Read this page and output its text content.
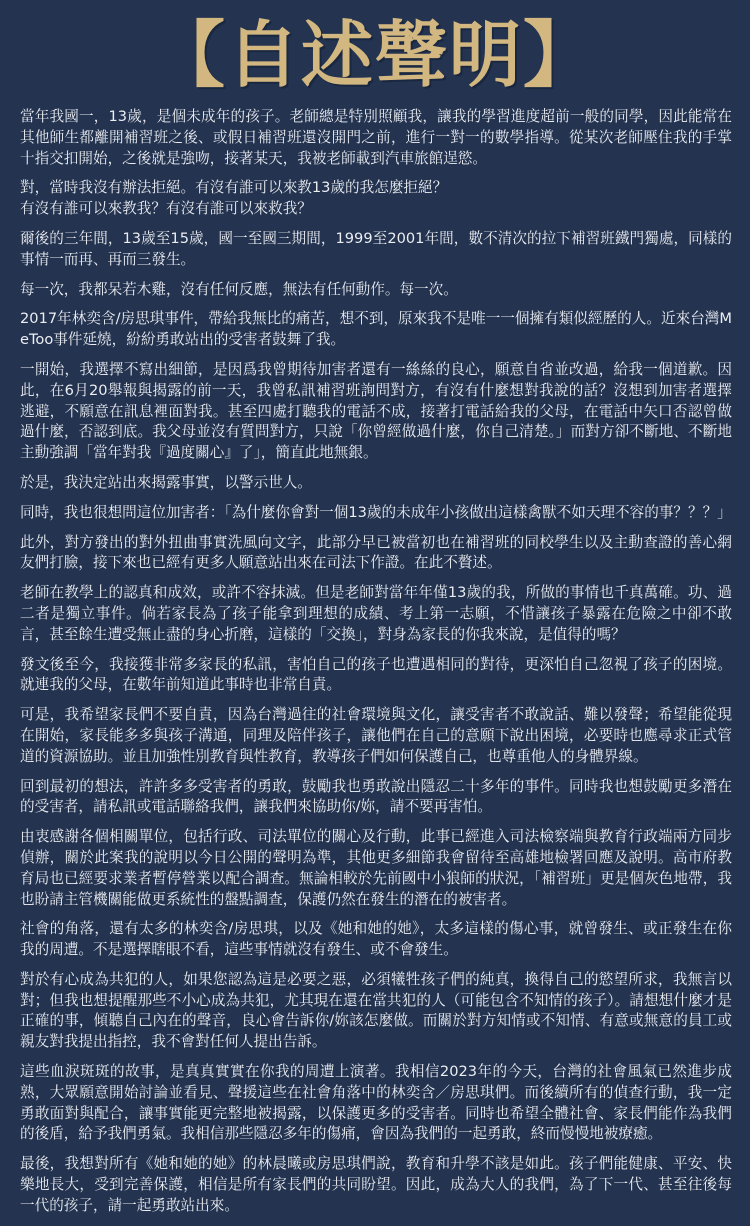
【自述聲明】

當年我國一，13歲，是個未成年的孩子。老師總是特別照顧我，讓我的學習進度超前一般的同學，因此能常在其他師生都離開補習班之後、或假日補習班還沒開門之前，進行一對一的數學指導。從某次老師壓住我的手掌十指交扣開始，之後就是強吻，接著某天，我被老師載到汽車旅館逞慾。

對，當時我沒有辦法拒絕。有沒有誰可以來教13歲的我怎麼拒絕？
有沒有誰可以來教我？有沒有誰可以來救我？

爾後的三年間，13歲至15歲，國一至國三期間，1999至2001年間，數不清次的拉下補習班鐵門獨處，同樣的事情一而再、再而三發生。

每一次，我都呆若木雞，沒有任何反應，無法有任何動作。每一次。

2017年林奕含/房思琪事件，帶給我無比的痛苦，想不到，原來我不是唯一一個擁有類似經歷的人。近來台灣MeToo事件延燒，紛紛勇敢站出的受害者鼓舞了我。

一開始，我選擇不寫出細節，是因爲我曾期待加害者還有一絲絲的良心，願意自省並改過，給我一個道歉。因此，在6月20舉報與揭露的前一天，我曾私訊補習班詢問對方，有沒有什麼想對我說的話？沒想到加害者選擇逃避，不願意在訊息裡面對我。甚至四處打聽我的電話不成，接著打電話給我的父母，在電話中矢口否認曾做過什麼，否認到底。我父母並沒有質問對方，只說「你曾經做過什麼，你自己清楚。」而對方卻不斷地、不斷地主動強調「當年對我『過度關心』了」，簡直此地無銀。

於是，我決定站出來揭露事實，以警示世人。

同時，我也很想問這位加害者：「為什麼你會對一個13歲的未成年小孩做出這樣禽獸不如天理不容的事？？？」

此外，對方發出的對外扭曲事實洗風向文字，此部分早已被當初也在補習班的同校學生以及主動查證的善心網友們打臉，接下來也已經有更多人願意站出來在司法下作證。在此不贅述。

老師在教學上的認真和成效，或許不容抹滅。但是老師對當年年僅13歲的我，所做的事情也千真萬確。功、過二者是獨立事件。倘若家長為了孩子能拿到理想的成績、考上第一志願，不惜讓孩子暴露在危險之中卻不敢言，甚至餘生遭受無止盡的身心折磨，這樣的「交換」，對身為家長的你我來說，是值得的嗎？

發文後至今，我接獲非常多家長的私訊，害怕自己的孩子也遭遇相同的對待，更深怕自己忽視了孩子的困境。就連我的父母，在數年前知道此事時也非常自責。

可是，我希望家長們不要自責，因為台灣過往的社會環境與文化，讓受害者不敢說話、難以發聲；希望能從現在開始，家長能多多與孩子溝通，同理及陪伴孩子，讓他們在自己的意願下說出困境，必要時也應尋求正式管道的資源協助。並且加強性別教育與性教育，教導孩子們如何保護自己，也尊重他人的身體界線。

回到最初的想法，許許多多受害者的勇敢，鼓勵我也勇敢說出隱忍二十多年的事件。同時我也想鼓勵更多潛在的受害者，請私訊或電話聯絡我們，讓我們來協助你/妳，請不要再害怕。

由衷感謝各個相關單位，包括行政、司法單位的關心及行動，此事已經進入司法檢察端與教育行政端兩方同步偵辦，關於此案我的說明以今日公開的聲明為準，其他更多細節我會留待至高雄地檢署回應及說明。高市府教育局也已經要求業者暫停營業以配合調查。無論相較於先前國中小狼師的狀況，「補習班」更是個灰色地帶，我也盼請主管機關能做更系統性的盤點調查，保護仍然在發生的潛在的被害者。

社會的角落，還有太多的林奕含/房思琪，以及《她和她的她》，太多這樣的傷心事，就曾發生、或正發生在你我的周遭。不是選擇瞎眼不看，這些事情就沒有發生、或不會發生。

對於有心成為共犯的人，如果您認為這是必要之惡，必須犧牲孩子們的純真，換得自己的慾望所求，我無言以對；但我也想提醒那些不小心成為共犯，尤其現在還在當共犯的人（可能包含不知情的孩子）。請想想什麼才是正確的事，傾聽自己內在的聲音，良心會告訴你/妳該怎麼做。而關於對方知情或不知情、有意或無意的員工或親友對我提出指控，我不會對任何人提出告訴。

這些血淚斑斑的故事，是真真實實在你我的周遭上演著。我相信2023年的今天，台灣的社會風氣已然進步成熟，大眾願意開始討論並看見、聲援這些在社會角落中的林奕含／房思琪們。而後續所有的偵查行動，我一定勇敢面對與配合，讓事實能更完整地被揭露，以保護更多的受害者。同時也希望全體社會、家長們能作為我們的後盾，給予我們勇氣。我相信那些隱忍多年的傷痛，會因為我們的一起勇敢，終而慢慢地被療癒。

最後，我想對所有《她和她的她》的林晨曦或房思琪們說，教育和升學不該是如此。孩子們能健康、平安、快樂地長大，受到完善保護，相信是所有家長們的共同盼望。因此，成為大人的我們，為了下一代、甚至往後每一代的孩子，請一起勇敢站出來。
